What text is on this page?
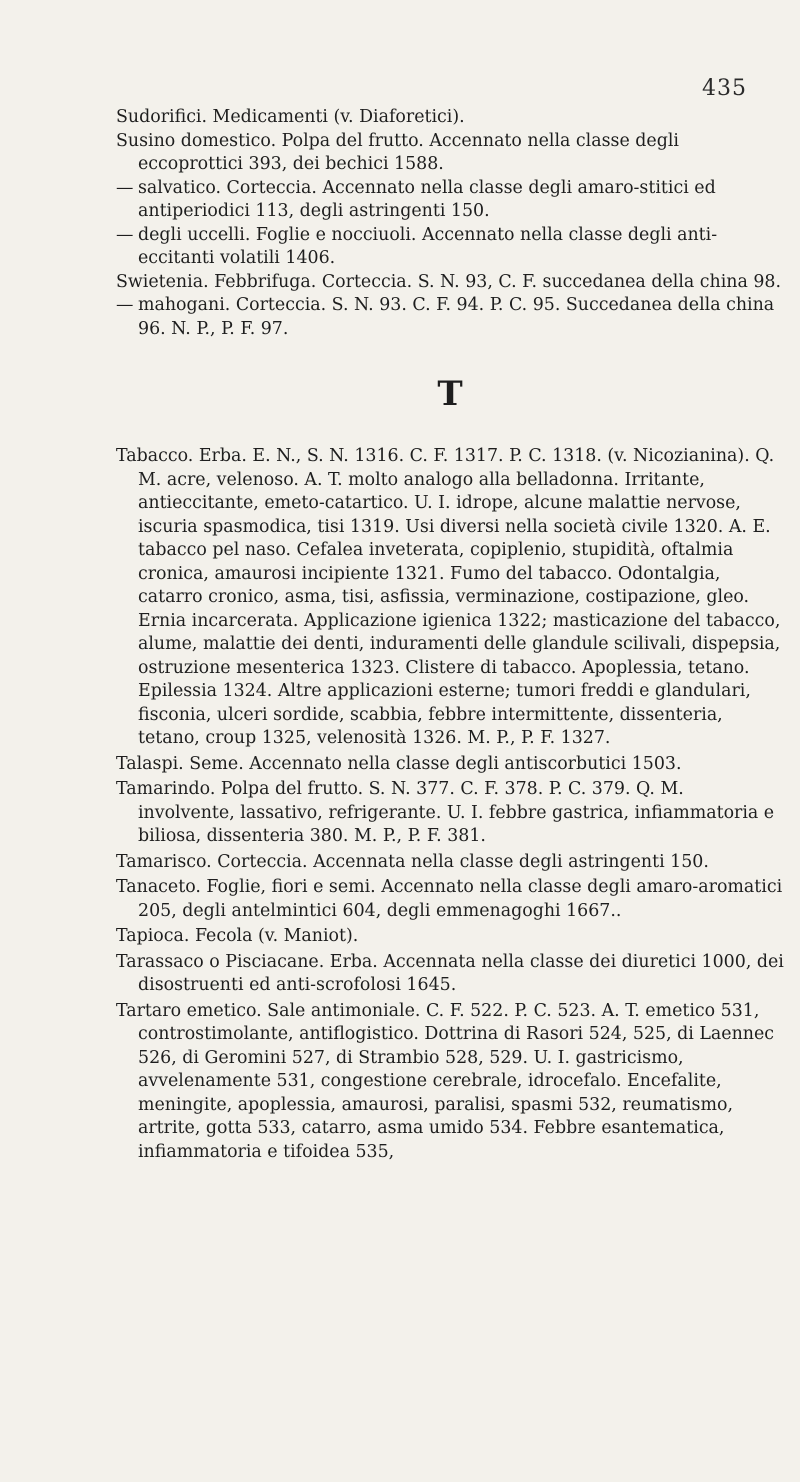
435

Sudorifici. Medicamenti (v. Diaforetici).

Susino domestico. Polpa del frutto. Accennato nella classe degli eccoprottici 393, dei bechici 1588.

— salvatico. Corteccia. Accennato nella classe degli amaro-stitici ed antiperiodici 113, degli astringenti 150.

— degli uccelli. Foglie e nocciuoli. Accennato nella classe degli anti-eccitanti volatili 1406.

Swietenia. Febbrifuga. Corteccia. S. N. 93, C. F. succedanea della china 98.

— mahogani. Corteccia. S. N. 93. C. F. 94. P. C. 95. Succedanea della china 96. N. P., P. F. 97.

T

Tabacco. Erba. E. N., S. N. 1316. C. F. 1317. P. C. 1318. (v. Nicozianina). Q. M. acre, velenoso. A. T. molto analogo alla belladonna. Irritante, antieccitante, emeto-catartico. U. I. idrope, alcune malattie nervose, iscuria spasmodica, tisi 1319. Usi diversi nella società civile 1320. A. E. tabacco pel naso. Cefalea inveterata, copiplenio, stupidità, oftalmia cronica, amaurosi incipiente 1321. Fumo del tabacco. Odontalgia, catarro cronico, asma, tisi, asfissia, verminazione, costipazione, gleo. Ernia incarcerata. Applicazione igienica 1322; masticazione del tabacco, alume, malattie dei denti, induramenti delle glandule scilivali, dispepsia, ostruzione mesenterica 1323. Clistere di tabacco. Apoplessia, tetano. Epilessia 1324. Altre applicazioni esterne; tumori freddi e glandulari, fisconia, ulceri sordide, scabbia, febbre intermittente, dissenteria, tetano, croup 1325, velenosità 1326. M. P., P. F. 1327.

Talaspi. Seme. Accennato nella classe degli antiscorbutici 1503.

Tamarindo. Polpa del frutto. S. N. 377. C. F. 378. P. C. 379. Q. M. involvente, lassativo, refrigerante. U. I. febbre gastrica, infiammatoria e biliosa, dissenteria 380. M. P., P. F. 381.

Tamarisco. Corteccia. Accennata nella classe degli astringenti 150.

Tanaceto. Foglie, fiori e semi. Accennato nella classe degli amaro-aromatici 205, degli antelmintici 604, degli emmenagoghi 1667..

Tapioca. Fecola (v. Maniot).

Tarassaco o Pisciacane. Erba. Accennata nella classe dei diuretici 1000, dei disostruenti ed anti-scrofolosi 1645.

Tartaro emetico. Sale antimoniale. C. F. 522. P. C. 523. A. T. emetico 531, controstimolante, antiflogistico. Dottrina di Rasori 524, 525, di Laennec 526, di Geromini 527, di Strambio 528, 529. U. I. gastricismo, avvelenamente 531, congestione cerebrale, idrocefalo. Encefalite, meningite, apoplessia, amaurosi, paralisi, spasmi 532, reumatismo, artrite, gotta 533, catarro, asma umido 534. Febbre esantematica, infiammatoria e tifoidea 535,
